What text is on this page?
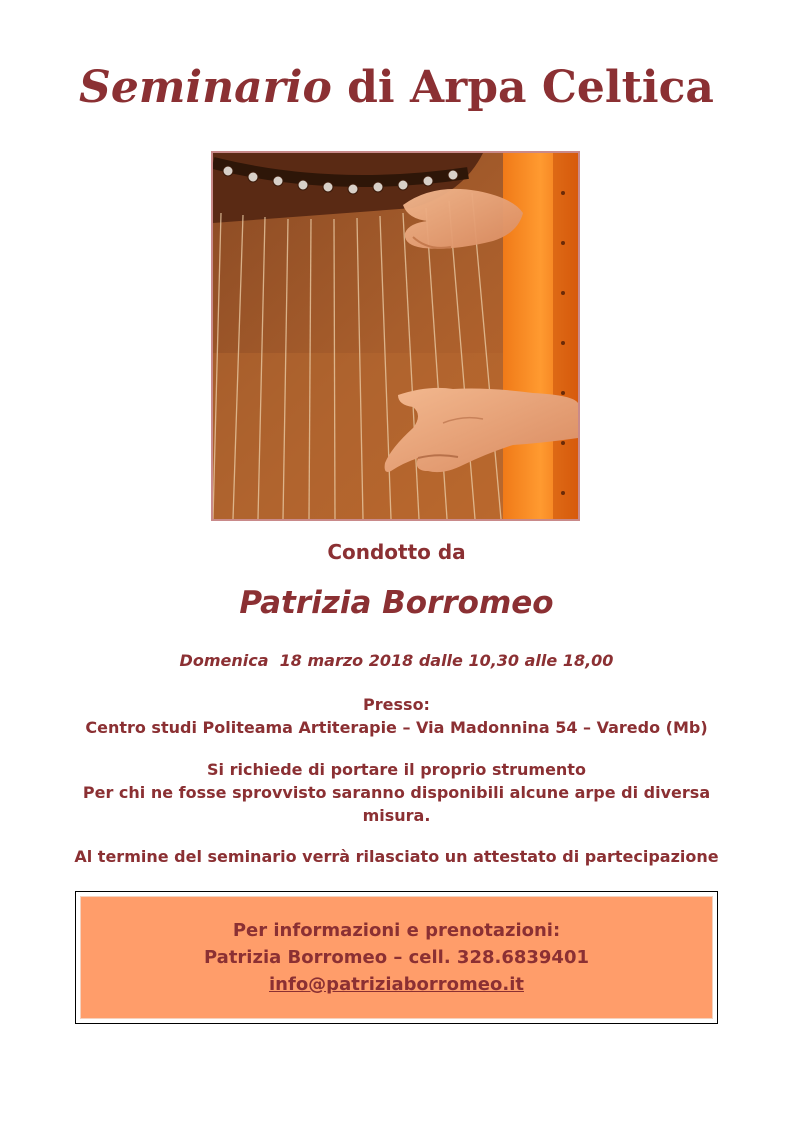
Seminario di Arpa Celtica
Condotto da
Patrizia Borromeo
Domenica  18 marzo 2018 dalle 10,30 alle 18,00
Presso:
Centro studi Politeama Artiterapie – Via Madonnina 54 – Varedo (Mb)
Si richiede di portare il proprio strumento
Per chi ne fosse sprovvisto saranno disponibili alcune arpe di diversa misura.
Al termine del seminario verrà rilasciato un attestato di partecipazione
Per informazioni e prenotazioni:
Patrizia Borromeo – cell. 328.6839401
info@patriziaborromeo.it
